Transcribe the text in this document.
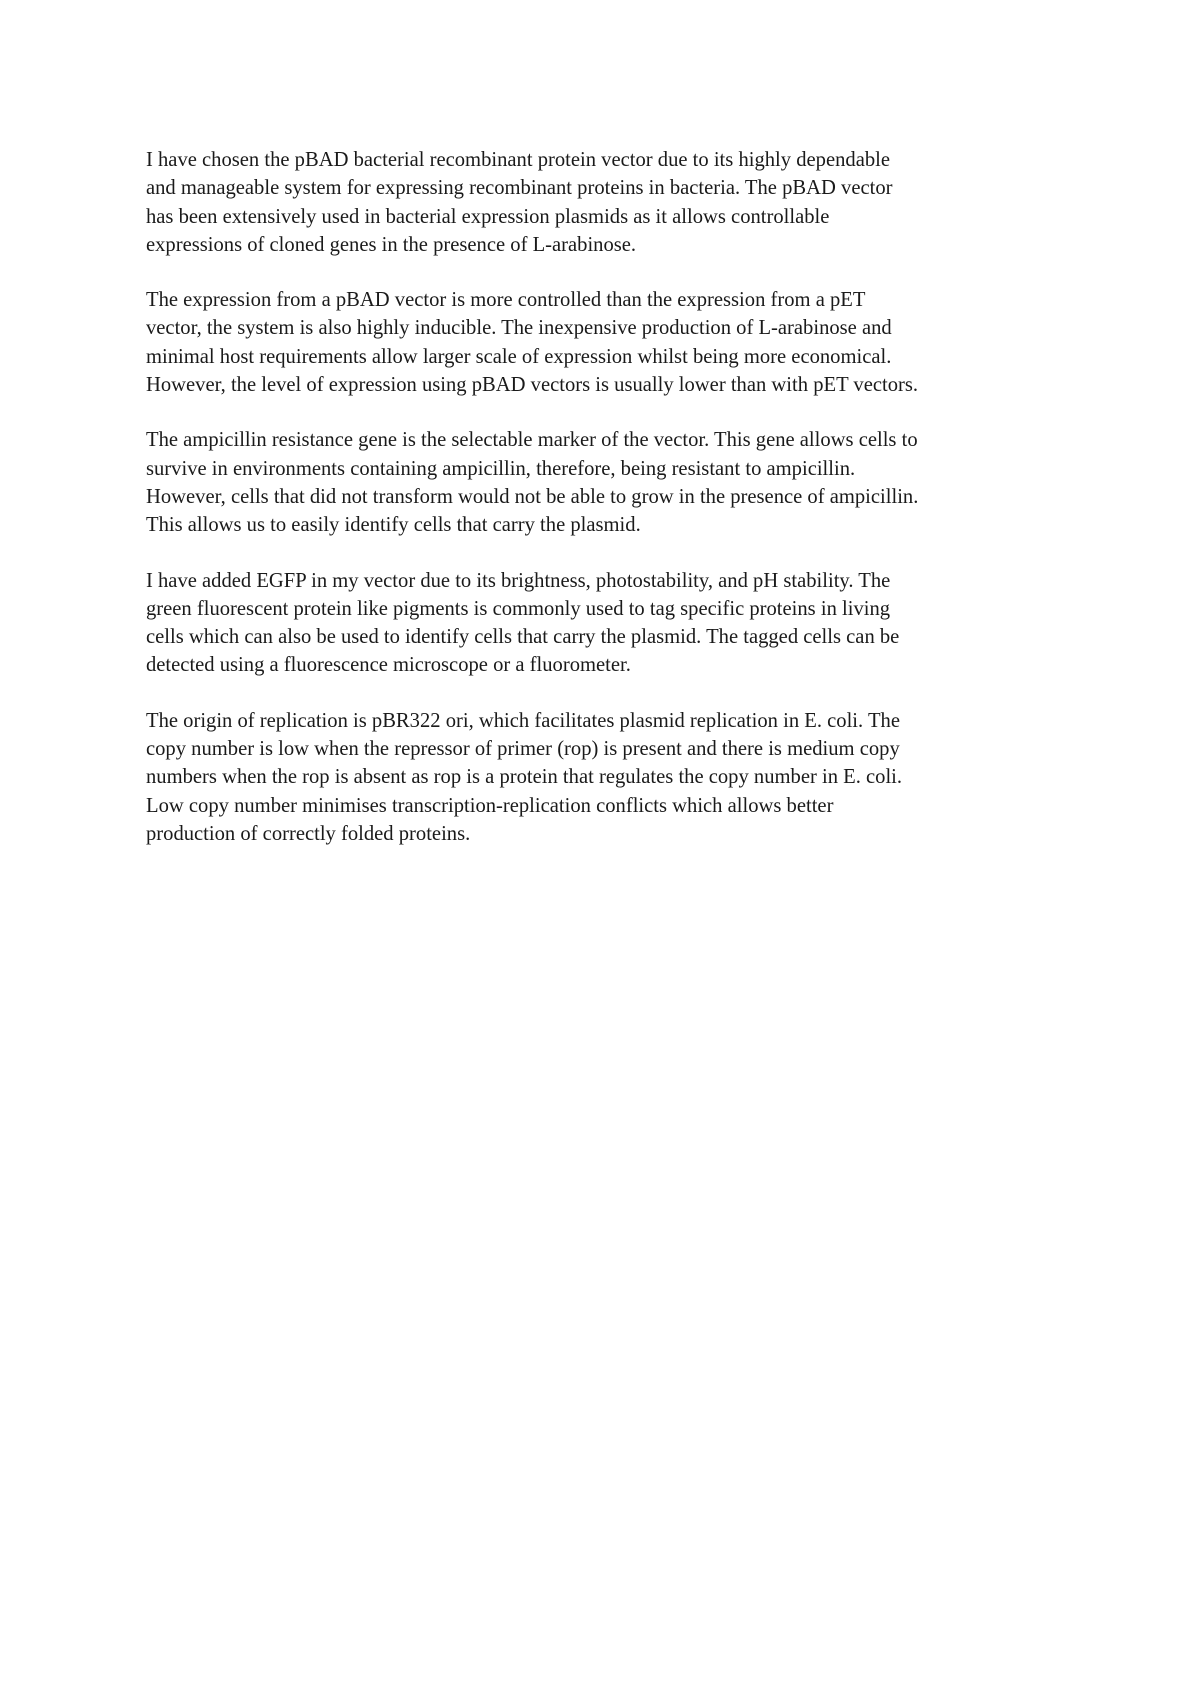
I have chosen the pBAD bacterial recombinant protein vector due to its highly dependable
and manageable system for expressing recombinant proteins in bacteria. The pBAD vector
has been extensively used in bacterial expression plasmids as it allows controllable
expressions of cloned genes in the presence of L-arabinose.

The expression from a pBAD vector is more controlled than the expression from a pET
vector, the system is also highly inducible. The inexpensive production of L-arabinose and
minimal host requirements allow larger scale of expression whilst being more economical.
However, the level of expression using pBAD vectors is usually lower than with pET vectors.

The ampicillin resistance gene is the selectable marker of the vector. This gene allows cells to
survive in environments containing ampicillin, therefore, being resistant to ampicillin.
However, cells that did not transform would not be able to grow in the presence of ampicillin.
This allows us to easily identify cells that carry the plasmid.

I have added EGFP in my vector due to its brightness, photostability, and pH stability. The
green fluorescent protein like pigments is commonly used to tag specific proteins in living
cells which can also be used to identify cells that carry the plasmid. The tagged cells can be
detected using a fluorescence microscope or a fluorometer.

The origin of replication is pBR322 ori, which facilitates plasmid replication in E. coli. The
copy number is low when the repressor of primer (rop) is present and there is medium copy
numbers when the rop is absent as rop is a protein that regulates the copy number in E. coli.
Low copy number minimises transcription-replication conflicts which allows better
production of correctly folded proteins.
